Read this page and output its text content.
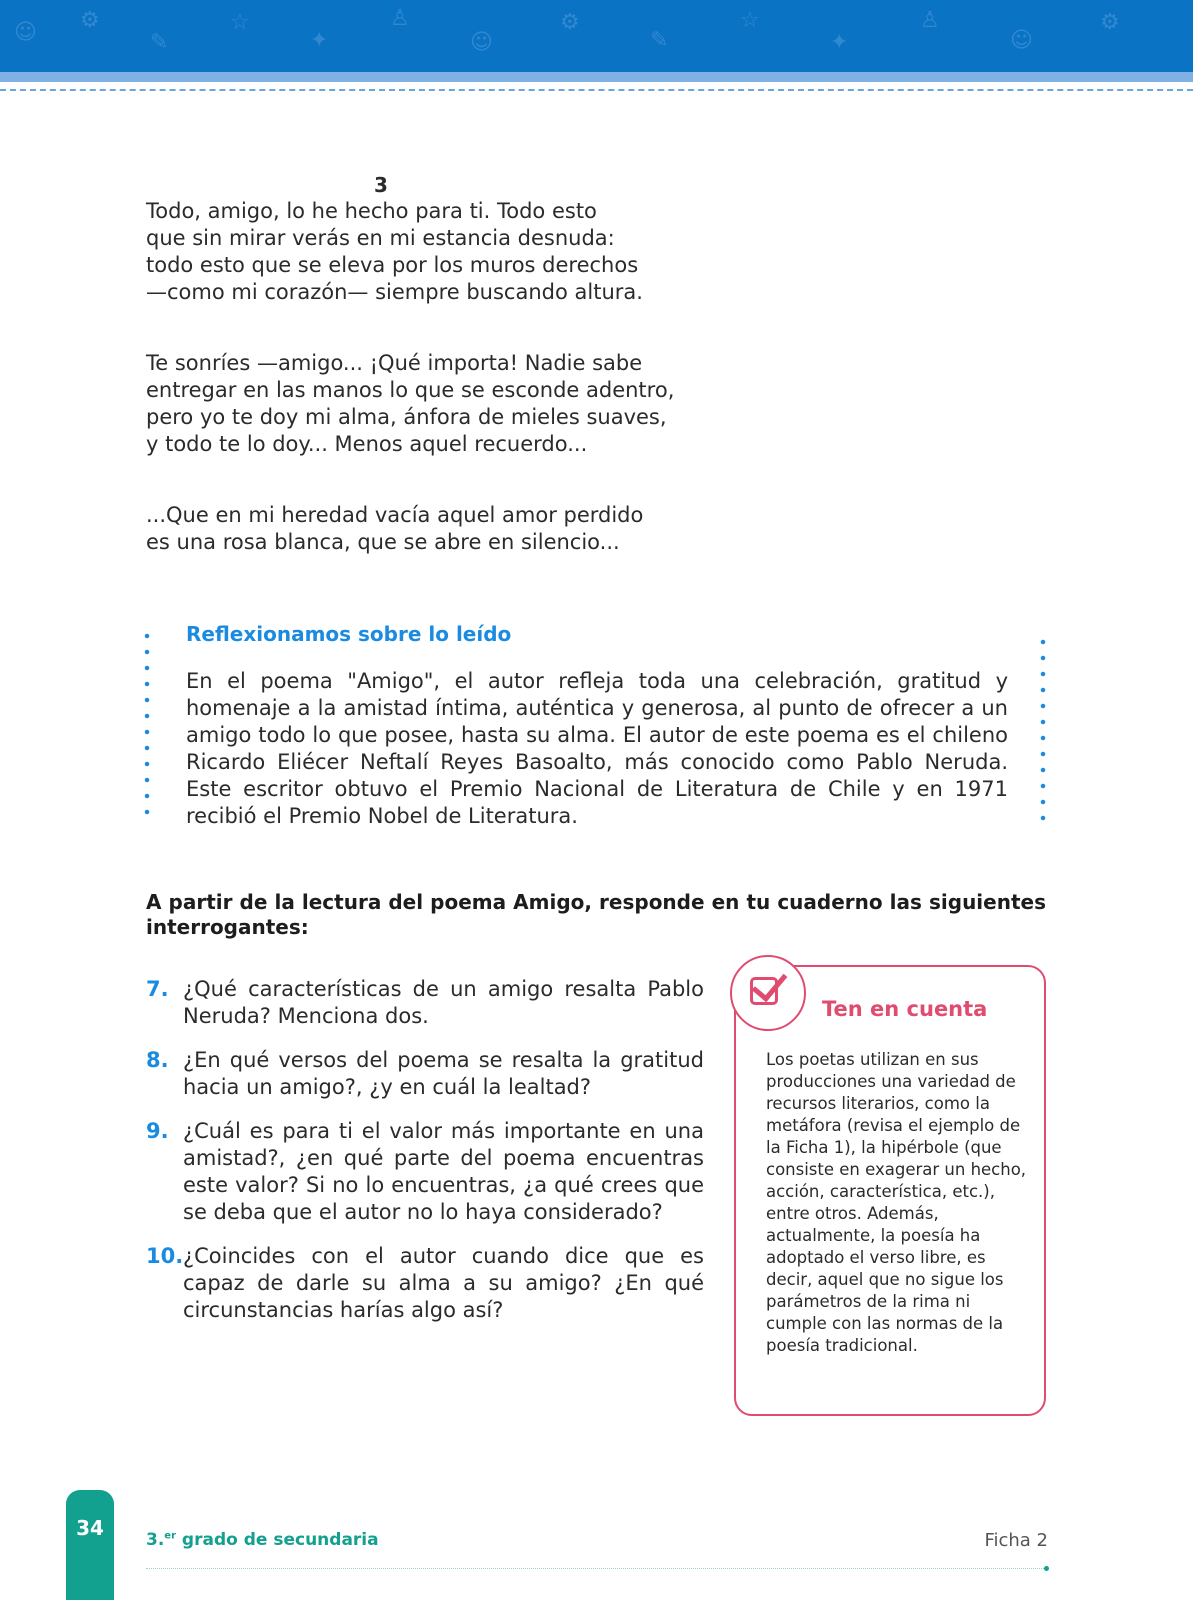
☺ ⚙
✎
☆
✦
♙
☺
⚙
✎
☆
✦
♙
☺
⚙
3

Todo, amigo, lo he hecho para ti. Todo esto

que sin mirar verás en mi estancia desnuda:

todo esto que se eleva por los muros derechos

—como mi corazón— siempre buscando altura.

Te sonríes —amigo... ¡Qué importa! Nadie sabe

entregar en las manos lo que se esconde adentro,

pero yo te doy mi alma, ánfora de mieles suaves,

y todo te lo doy... Menos aquel recuerdo...

...Que en mi heredad vacía aquel amor perdido

es una rosa blanca, que se abre en silencio...

Reflexionamos sobre lo leído
En el poema "Amigo", el autor refleja toda una celebración, gratitud y homenaje a la amistad íntima, auténtica y generosa, al punto de ofrecer a un amigo todo lo que posee, hasta su alma. El autor de este poema es el chileno Ricardo Eliécer Neftalí Reyes Basoalto, más conocido como Pablo Neruda. Este escritor obtuvo el Premio Nacional de Literatura de Chile y en 1971 recibió el Premio Nobel de Literatura.
A partir de la lectura del poema Amigo, responde en tu cuaderno las siguientes interrogantes:
7. ¿Qué características de un amigo resalta Pablo Neruda? Menciona dos.
8. ¿En qué versos del poema se resalta la gratitud hacia un amigo?, ¿y en cuál la lealtad?
9. ¿Cuál es para ti el valor más importante en una amistad?, ¿en qué parte del poema encuentras este valor? Si no lo encuentras, ¿a qué crees que se deba que el autor no lo haya considerado?
10. ¿Coincides con el autor cuando dice que es capaz de darle su alma a su amigo? ¿En qué circunstancias harías algo así?
Ten en cuenta
Los poetas utilizan en sus producciones una variedad de recursos literarios, como la metáfora (revisa el ejemplo de la Ficha 1), la hipérbole (que consiste en exagerar un hecho, acción, característica, etc.), entre otros. Además, actualmente, la poesía ha adoptado el verso libre, es decir, aquel que no sigue los parámetros de la rima ni cumple con las normas de la poesía tradicional.
34	3.$^{er}$ grado de secundaria	Ficha 2
